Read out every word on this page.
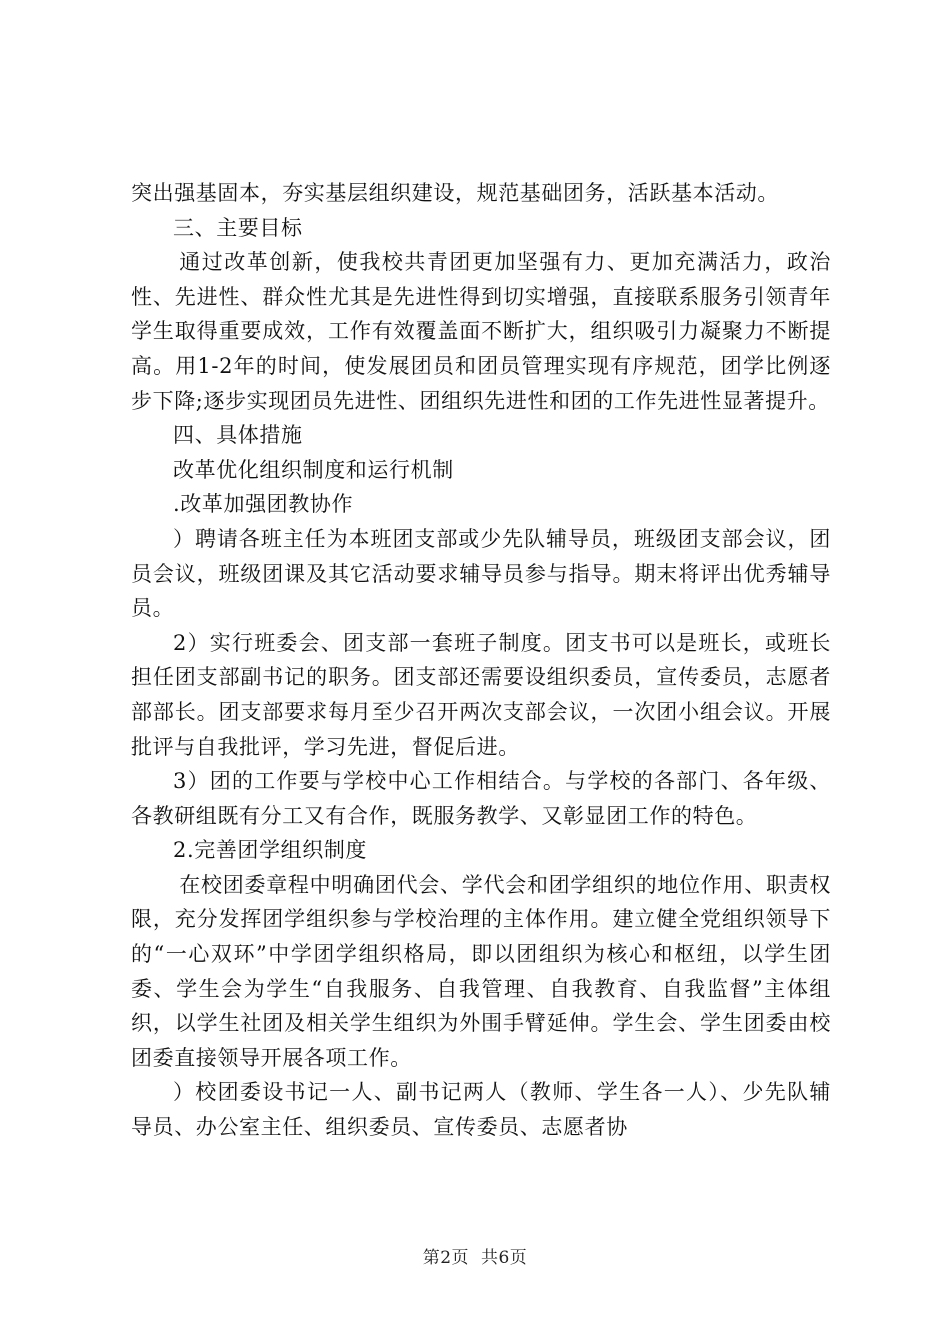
突出强基固本，夯实基层组织建设，规范基础团务，活跃基本活动。

三、主要目标

通过改革创新，使我校共青团更加坚强有力、更加充满活力，政治性、先进性、群众性尤其是先进性得到切实增强，直接联系服务引领青年学生取得重要成效，工作有效覆盖面不断扩大，组织吸引力凝聚力不断提高。用1-2年的时间，使发展团员和团员管理实现有序规范，团学比例逐步下降;逐步实现团员先进性、团组织先进性和团的工作先进性显著提升。

四、具体措施

改革优化组织制度和运行机制

.改革加强团教协作

）聘请各班主任为本班团支部或少先队辅导员，班级团支部会议，团员会议，班级团课及其它活动要求辅导员参与指导。期末将评出优秀辅导员。

2）实行班委会、团支部一套班子制度。团支书可以是班长，或班长担任团支部副书记的职务。团支部还需要设组织委员，宣传委员，志愿者部部长。团支部要求每月至少召开两次支部会议，一次团小组会议。开展批评与自我批评，学习先进，督促后进。

3）团的工作要与学校中心工作相结合。与学校的各部门、各年级、各教研组既有分工又有合作，既服务教学、又彰显团工作的特色。

2.完善团学组织制度

在校团委章程中明确团代会、学代会和团学组织的地位作用、职责权限，充分发挥团学组织参与学校治理的主体作用。建立健全党组织领导下的“一心双环”中学团学组织格局，即以团组织为核心和枢纽，以学生团委、学生会为学生“自我服务、自我管理、自我教育、自我监督”主体组织，以学生社团及相关学生组织为外围手臂延伸。学生会、学生团委由校团委直接领导开展各项工作。

）校团委设书记一人、副书记两人（教师、学生各一人）、少先队辅导员、办公室主任、组织委员、宣传委员、志愿者协

第2页 共6页
